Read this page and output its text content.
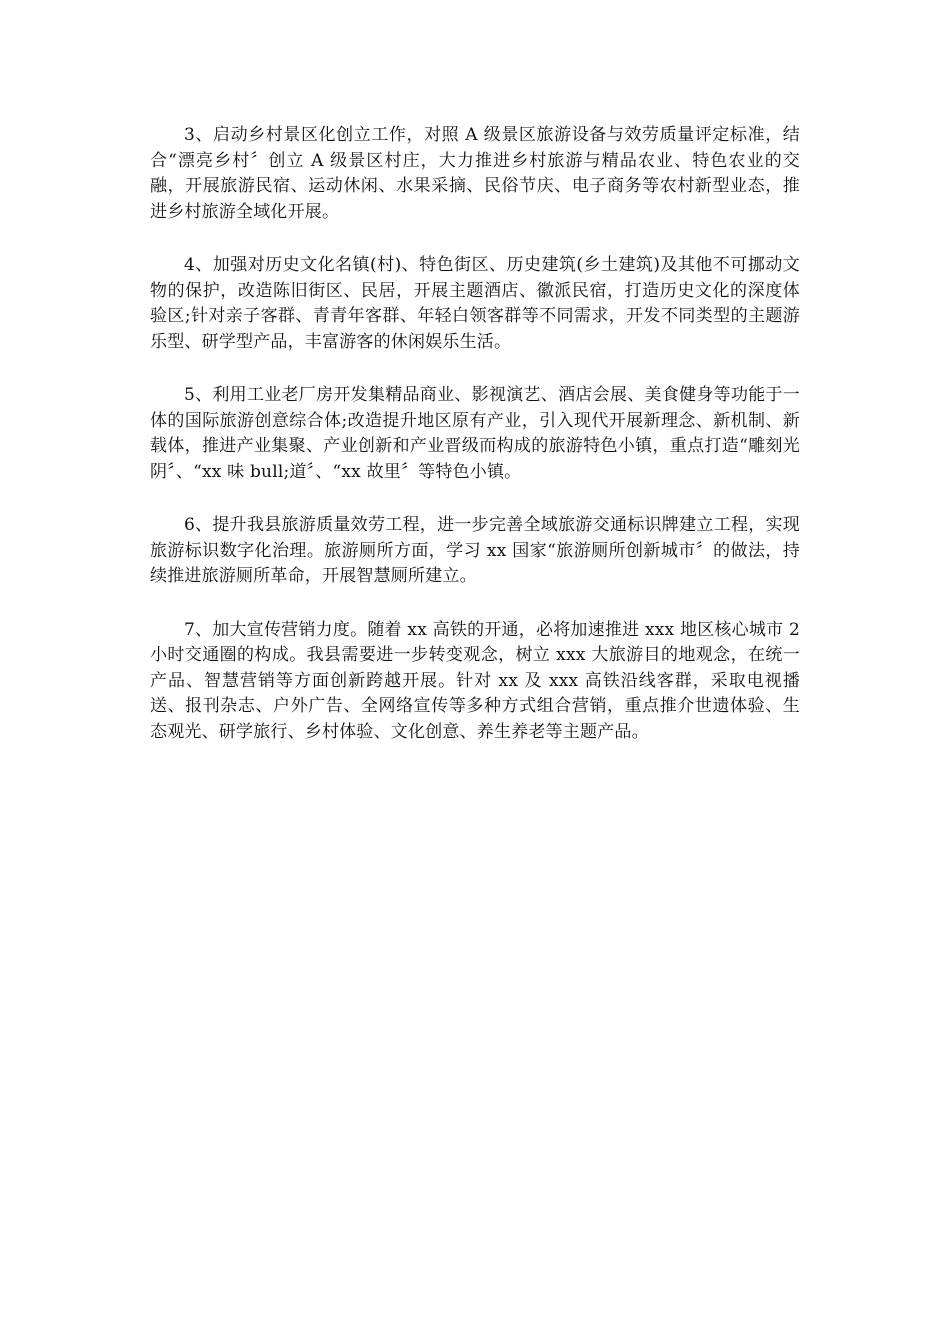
3、启动乡村景区化创立工作，对照 A 级景区旅游设备与效劳质量评定标准，结合“漂亮乡村〞创立 A 级景区村庄，大力推进乡村旅游与精品农业、特色农业的交融，开展旅游民宿、运动休闲、水果采摘、民俗节庆、电子商务等农村新型业态，推进乡村旅游全域化开展。

4、加强对历史文化名镇(村)、特色街区、历史建筑(乡土建筑)及其他不可挪动文物的保护，改造陈旧街区、民居，开展主题酒店、徽派民宿，打造历史文化的深度体验区;针对亲子客群、青青年客群、年轻白领客群等不同需求，开发不同类型的主题游乐型、研学型产品，丰富游客的休闲娱乐生活。

5、利用工业老厂房开发集精品商业、影视演艺、酒店会展、美食健身等功能于一体的国际旅游创意综合体;改造提升地区原有产业，引入现代开展新理念、新机制、新载体，推进产业集聚、产业创新和产业晋级而构成的旅游特色小镇，重点打造“雕刻光阴〞、“xx 味 bull;道〞、“xx 故里〞等特色小镇。

6、提升我县旅游质量效劳工程，进一步完善全域旅游交通标识牌建立工程，实现旅游标识数字化治理。旅游厕所方面，学习 xx 国家“旅游厕所创新城市〞的做法，持续推进旅游厕所革命，开展智慧厕所建立。

7、加大宣传营销力度。随着 xx 高铁的开通，必将加速推进 xxx 地区核心城市 2 小时交通圈的构成。我县需要进一步转变观念，树立 xxx 大旅游目的地观念，在统一产品、智慧营销等方面创新跨越开展。针对 xx 及 xxx 高铁沿线客群，采取电视播送、报刊杂志、户外广告、全网络宣传等多种方式组合营销，重点推介世遗体验、生态观光、研学旅行、乡村体验、文化创意、养生养老等主题产品。
